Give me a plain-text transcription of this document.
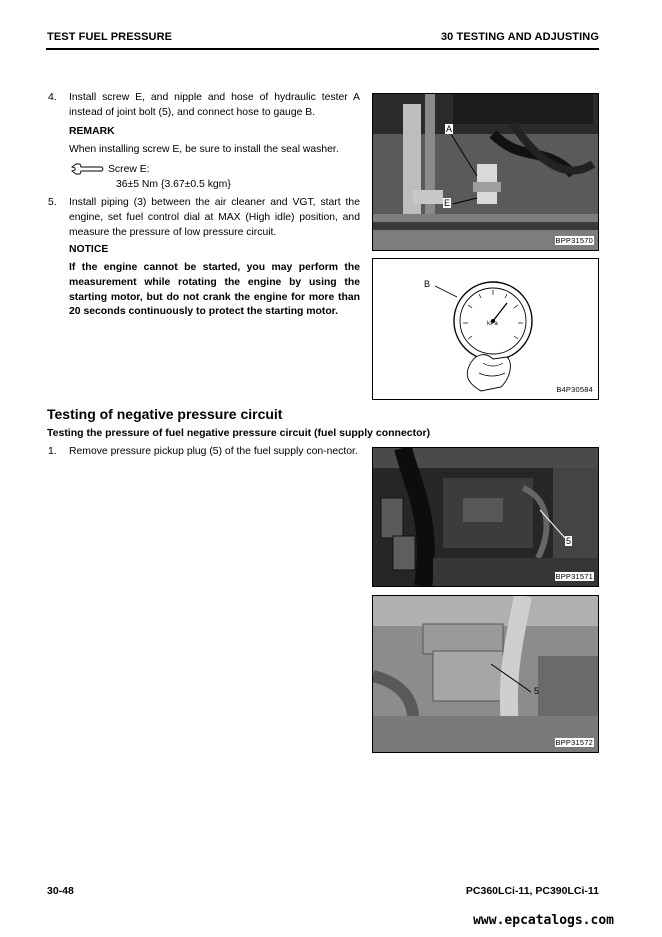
TEST FUEL PRESSURE	30 TESTING AND ADJUSTING
4. Install screw E, and nipple and hose of hydraulic tester A instead of joint bolt (5), and connect hose to gauge B.
REMARK
When installing screw E, be sure to install the seal washer.
Screw E:
36±5 Nm {3.67±0.5 kgm}
5. Install piping (3) between the air cleaner and VGT, start the engine, set fuel control dial at MAX (High idle) position, and measure the pressure of low pressure circuit.
NOTICE
If the engine cannot be started, you may perform the measurement while rotating the engine by using the starting motor, but do not crank the engine for more than 20 seconds continuously to protect the starting motor.
A
E
BPP31570
B
kPa
B4P30584
Testing of negative pressure circuit
Testing the pressure of fuel negative pressure circuit (fuel supply connector)
1. Remove pressure pickup plug (5) of the fuel supply con-nector.
5
BPP31571
5
BPP31572
30-48	PC360LCi-11, PC390LCi-11
www.epcatalogs.com
